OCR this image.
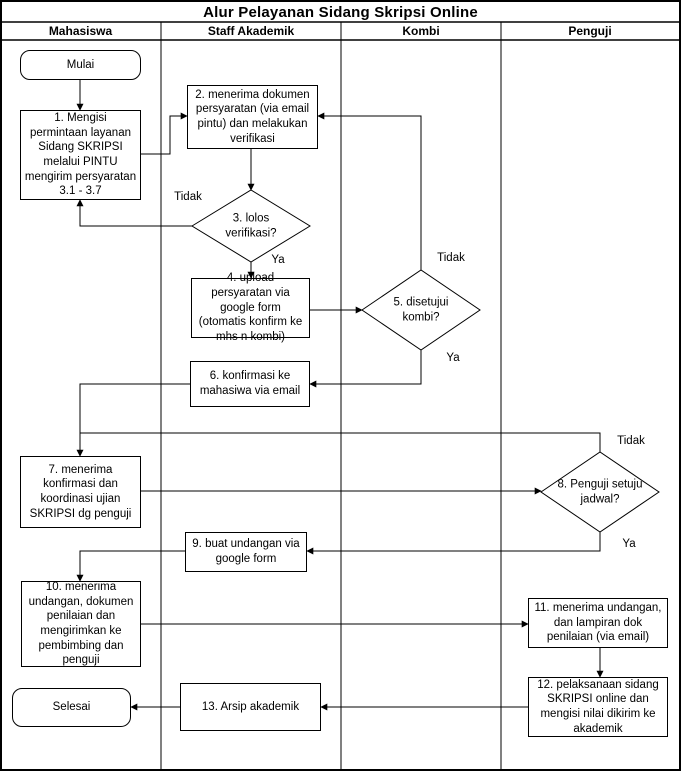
Alur Pelayanan Sidang Skripsi Online
Mahasiswa	Staff Akademik	Kombi	Penguji
Tidak
Ya	Tidak
Ya
Tidak
Ya
Mulai
1. Mengisi permintaan layanan Sidang SKRIPSI melalui PINTU mengirim persyaratan 3.1 - 3.7
2. menerima dokumen persyaratan (via email pintu) dan melakukan verifikasi
3. lolos verifikasi?
4. upload persyaratan via google form (otomatis konfirm ke mhs n kombi)
5. disetujui kombi?
6. konfirmasi ke mahasiwa via email
7. menerima konfirmasi dan koordinasi ujian SKRIPSI dg penguji
8. Penguji setuju jadwal?
9. buat undangan via google form
10. menerima undangan, dokumen penilaian dan mengirimkan ke pembimbing dan penguji
11. menerima undangan, dan lampiran dok penilaian (via email)
12. pelaksanaan sidang SKRIPSI online dan mengisi nilai dikirim ke akademik
13. Arsip akademik
Selesai
